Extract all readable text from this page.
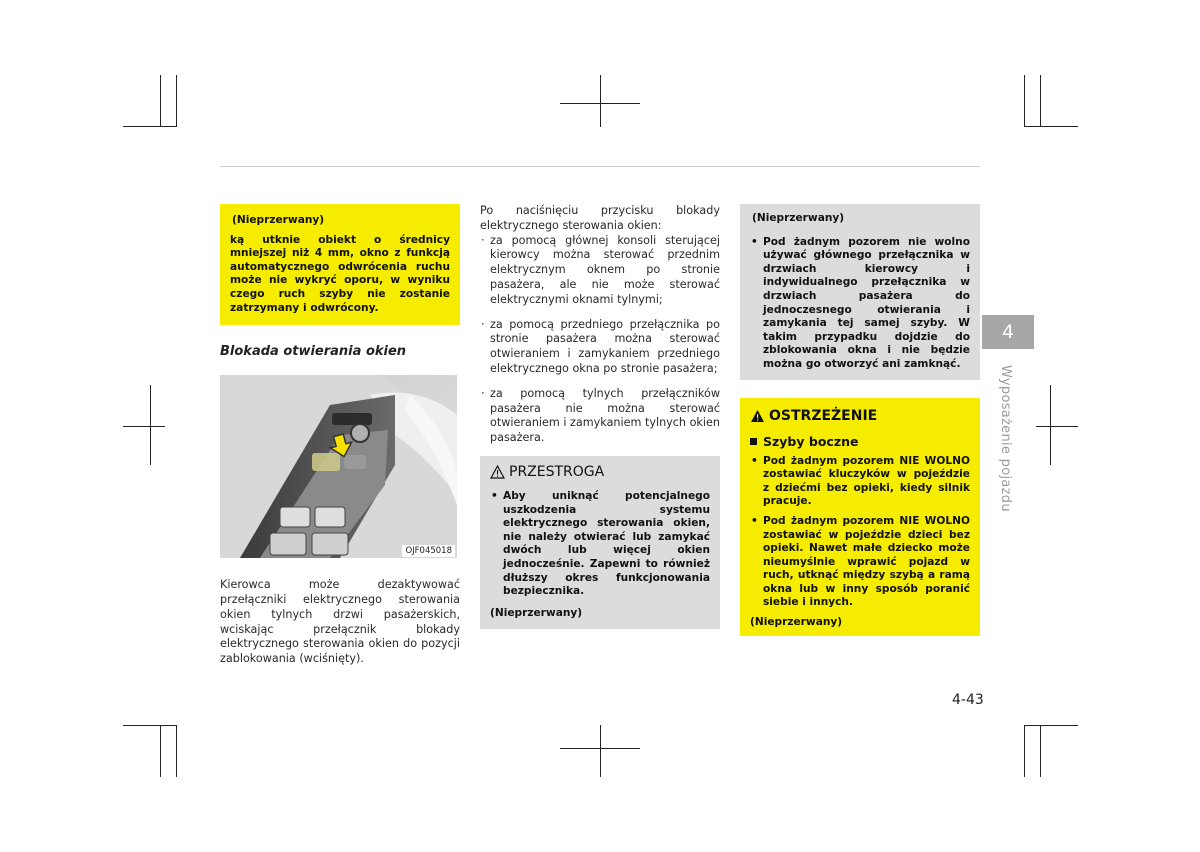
(Nieprzerwany)
ką utknie obiekt o średnicy mniejszej niż 4 mm, okno z funkcją automatycznego odwrócenia ruchu może nie wykryć oporu, w wyniku czego ruch szyby nie zostanie zatrzymany i odwrócony.
Blokada otwierania okien
OJF045018

Kierowca może dezaktywować przełączniki elektrycznego sterowania okien tylnych drzwi pasażerskich, wciskając przełącznik blokady elektrycznego sterowania okien do pozycji zablokowania (wciśnięty).

Po naciśnięciu przycisku blokady elektrycznego sterowania okien:

· za pomocą głównej konsoli sterującej kierowcy można sterować przednim elektrycznym oknem po stronie pasażera, ale nie może sterować elektrycznymi oknami tylnymi;
· za pomocą przedniego przełącznika po stronie pasażera można sterować otwieraniem i zamykaniem przedniego elektrycznego okna po stronie pasażera;
· za pomocą tylnych przełączników pasażera nie można sterować otwieraniem i zamykaniem tylnych okien pasażera.
PRZESTROGA
• Aby uniknąć potencjalnego uszkodzenia systemu elektrycznego sterowania okien, nie należy otwierać lub zamykać dwóch lub więcej okien jednocześnie. Zapewni to również dłuższy okres funkcjonowania bezpiecznika.
(Nieprzerwany)
(Nieprzerwany)
• Pod żadnym pozorem nie wolno używać głównego przełącznika w drzwiach kierowcy i indywidualnego przełącznika w drzwiach pasażera do jednoczesnego otwierania i zamykania tej samej szyby. W takim przypadku dojdzie do zblokowania okna i nie będzie można go otworzyć ani zamknąć.
OSTRZEŻENIE
Szyby boczne
• Pod żadnym pozorem NIE WOLNO zostawiać kluczyków w pojeździe z dziećmi bez opieki, kiedy silnik pracuje.
• Pod żadnym pozorem NIE WOLNO zostawiać w pojeździe dzieci bez opieki. Nawet małe dziecko może nieumyślnie wprawić pojazd w ruch, utknąć między szybą a ramą okna lub w inny sposób poranić siebie i innych.
(Nieprzerwany)
4
Wyposażenie pojazdu
4-43
